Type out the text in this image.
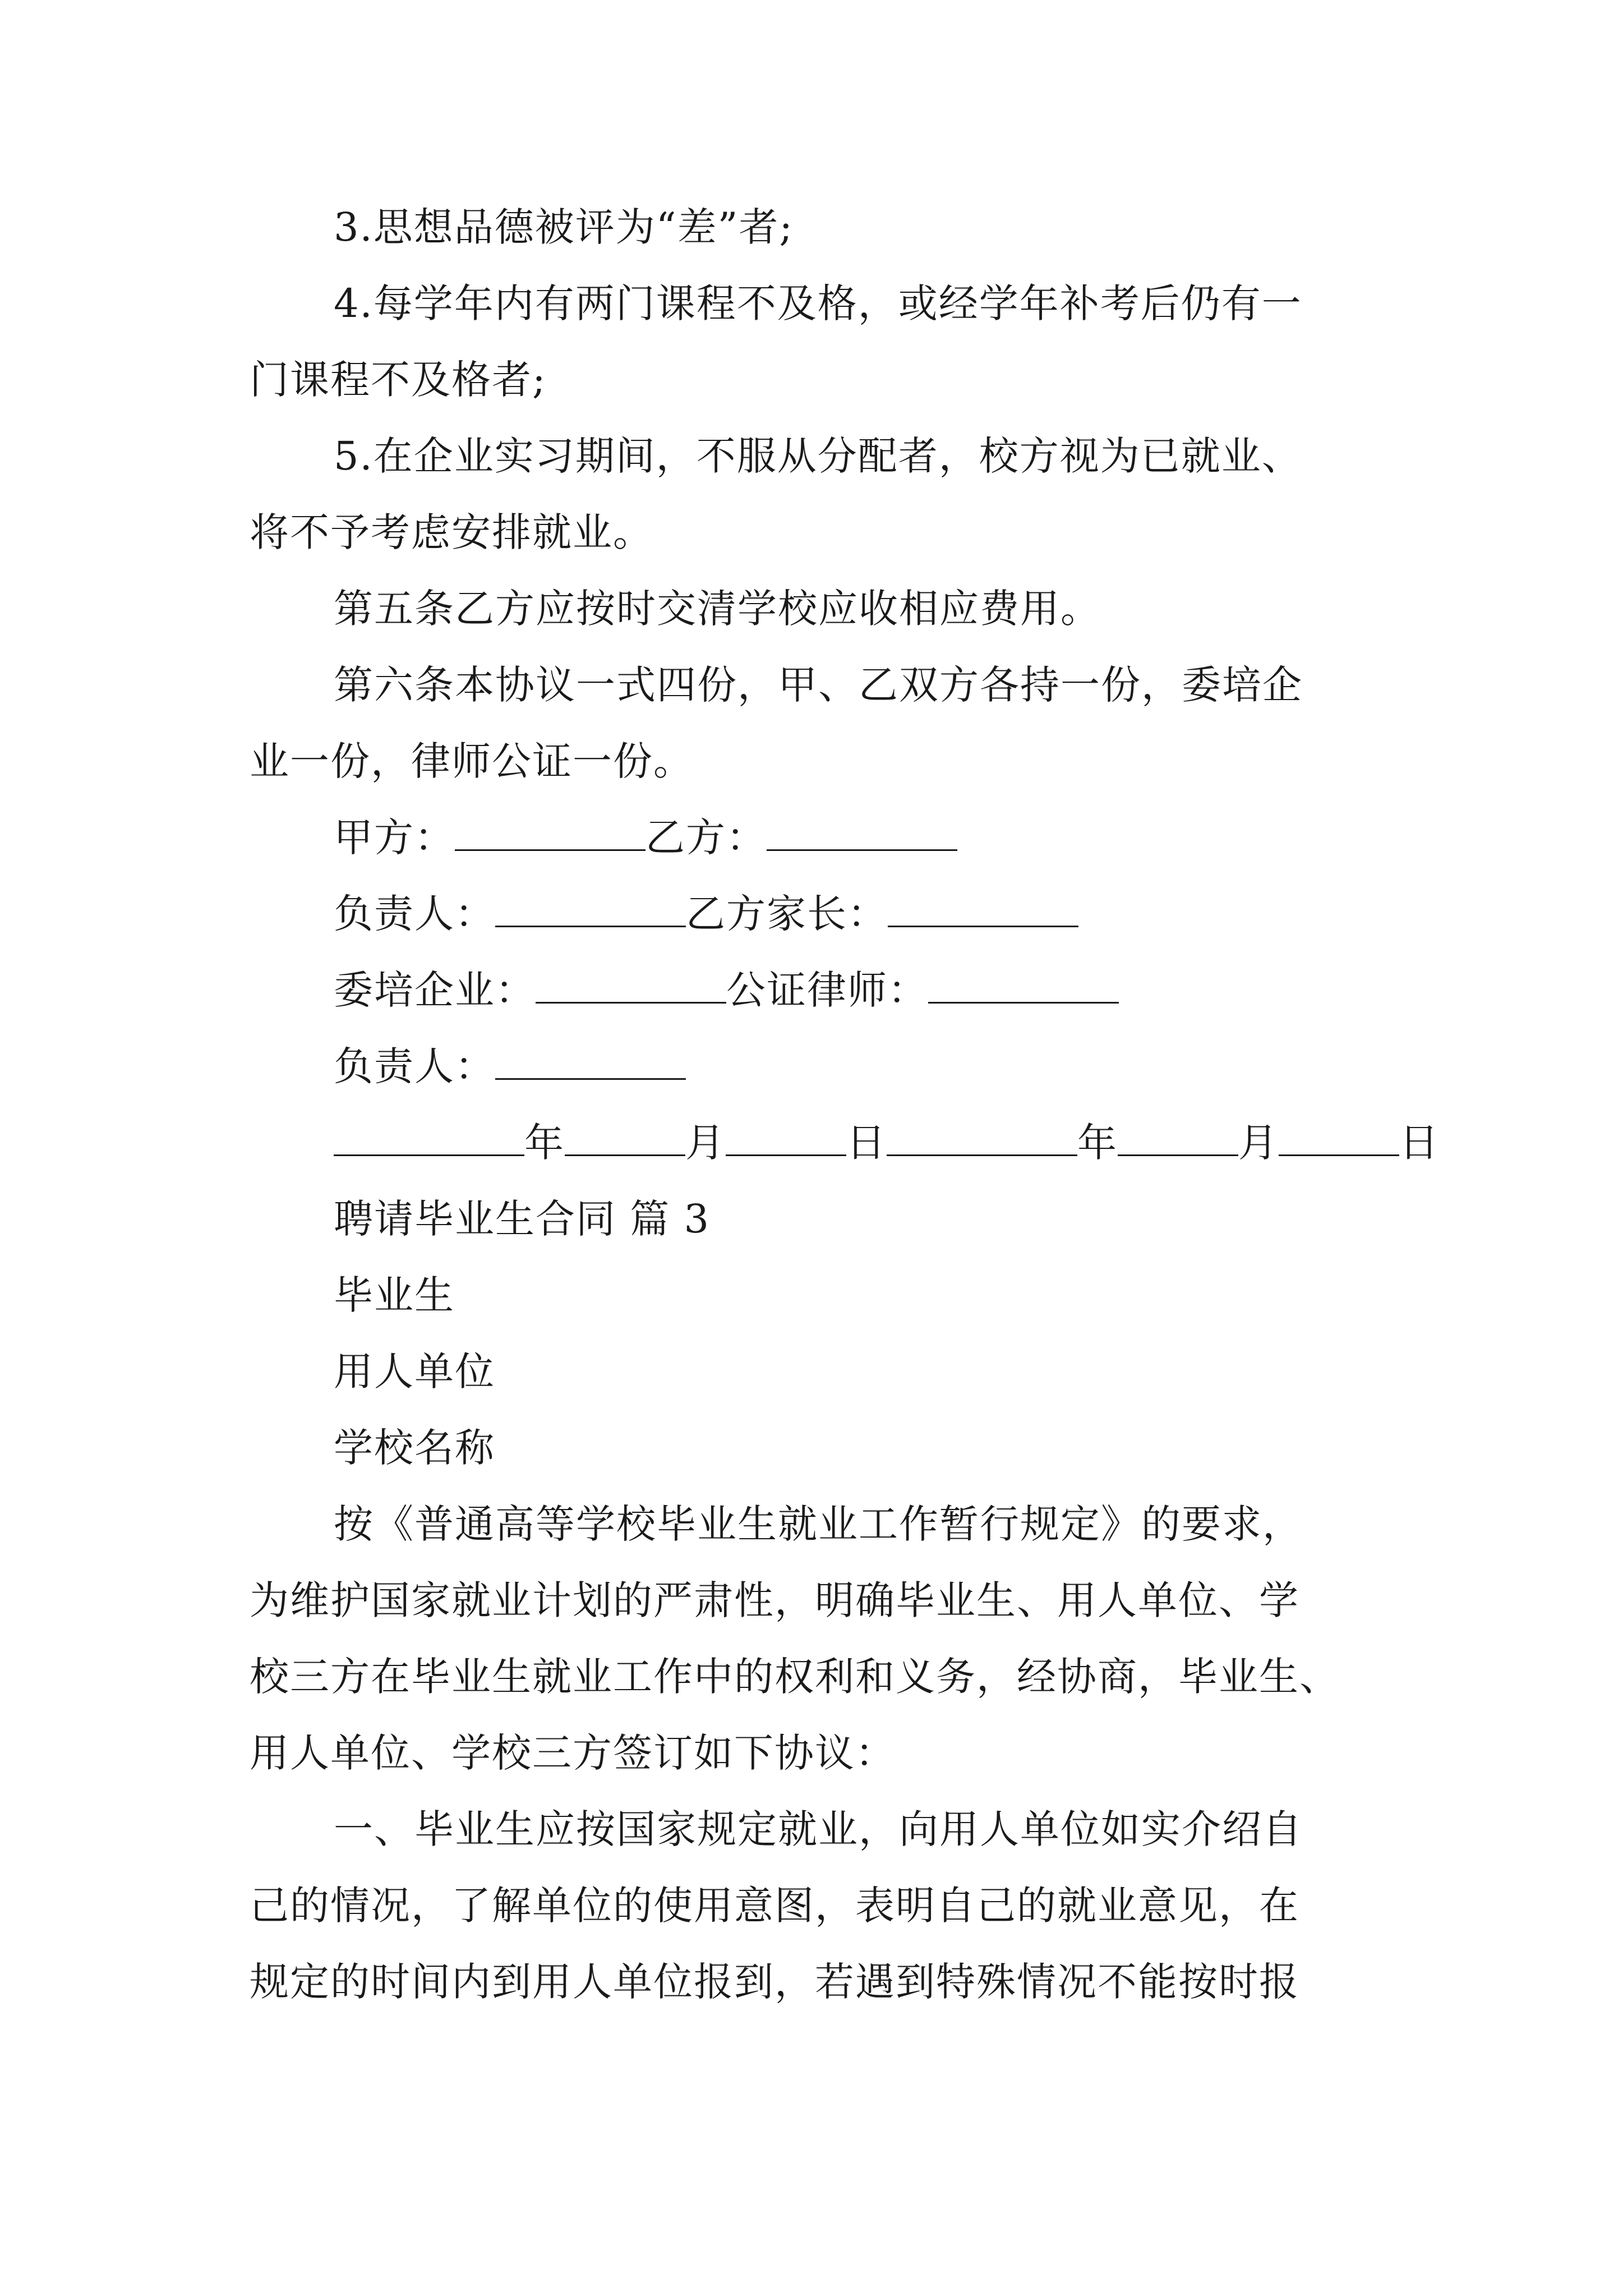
3.思想品德被评为“差”者;
4.每学年内有两门课程不及格，或经学年补考后仍有一
门课程不及格者;
5.在企业实习期间，不服从分配者，校方视为已就业、
将不予考虑安排就业。
第五条乙方应按时交清学校应收相应费用。
第六条本协议一式四份，甲、乙双方各持一份，委培企
业一份，律师公证一份。
甲方：	乙方：
负责人：	乙方家长：
委培企业：	公证律师：
负责人：
年	月	日	年	月	日
聘请毕业生合同 篇 3
毕业生
用人单位
学校名称
按《普通高等学校毕业生就业工作暂行规定》的要求，
为维护国家就业计划的严肃性，明确毕业生、用人单位、学
校三方在毕业生就业工作中的权利和义务，经协商，毕业生、
用人单位、学校三方签订如下协议：
一、毕业生应按国家规定就业，向用人单位如实介绍自
己的情况，了解单位的使用意图，表明自己的就业意见，在
规定的时间内到用人单位报到，若遇到特殊情况不能按时报
